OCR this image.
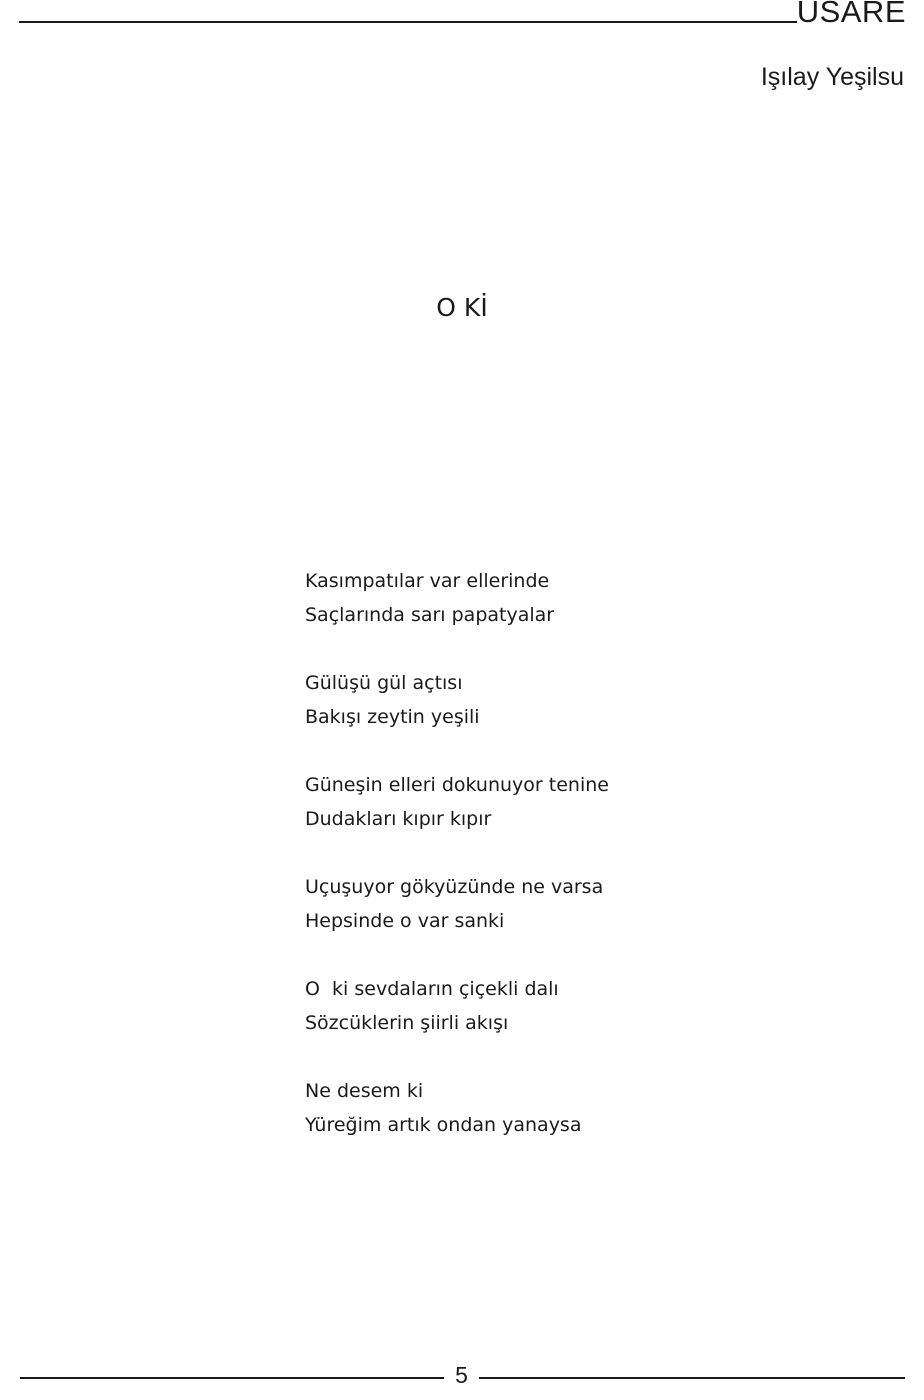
USARE
Işılay Yeşilsu
O Kİ
Kasımpatılar var ellerinde
Saçlarında sarı papatyalar
Gülüşü gül açtısı
Bakışı zeytin yeşili
Güneşin elleri dokunuyor tenine
Dudakları kıpır kıpır
Uçuşuyor gökyüzünde ne varsa
Hepsinde o var sanki
O  ki sevdaların çiçekli dalı
Sözcüklerin şiirli akışı
Ne desem ki
Yüreğim artık ondan yanaysa
5
